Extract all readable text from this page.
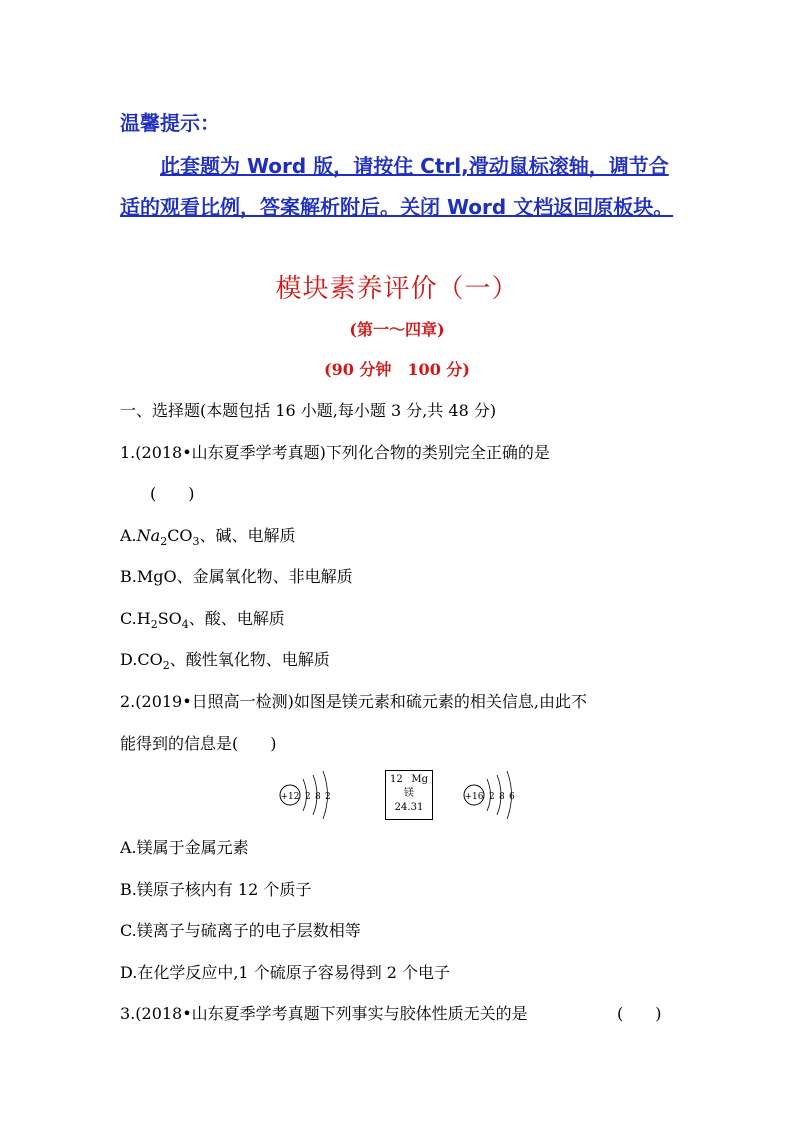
温馨提示：
此套题为 Word 版，请按住 Ctrl,滑动鼠标滚轴，调节合适的观看比例，答案解析附后。关闭 Word 文档返回原板块。
模块素养评价（一）
(第一～四章)
(90 分钟　100 分)
一、选择题(本题包括 16 小题,每小题 3 分,共 48 分)
1.(2018•山东夏季学考真题)下列化合物的类别完全正确的是
(　　)
$A.Na_2CO_3$、碱、电解质
B.MgO、金属氧化物、非电解质
$C.H_2SO_4$、酸、电解质
$D.CO_2$、酸性氧化物、电解质
2.(2019•日照高一检测)如图是镁元素和硫元素的相关信息,由此不
能得到的信息是(　　)
+12 2 8 2
12 Mg
镁
24.31
+16 2 8 6
A.镁属于金属元素
B.镁原子核内有 12 个质子
C.镁离子与硫离子的电子层数相等
D.在化学反应中,1 个硫原子容易得到 2 个电子
3.(2018•山东夏季学考真题下列事实与胶体性质无关的是	(　　)
